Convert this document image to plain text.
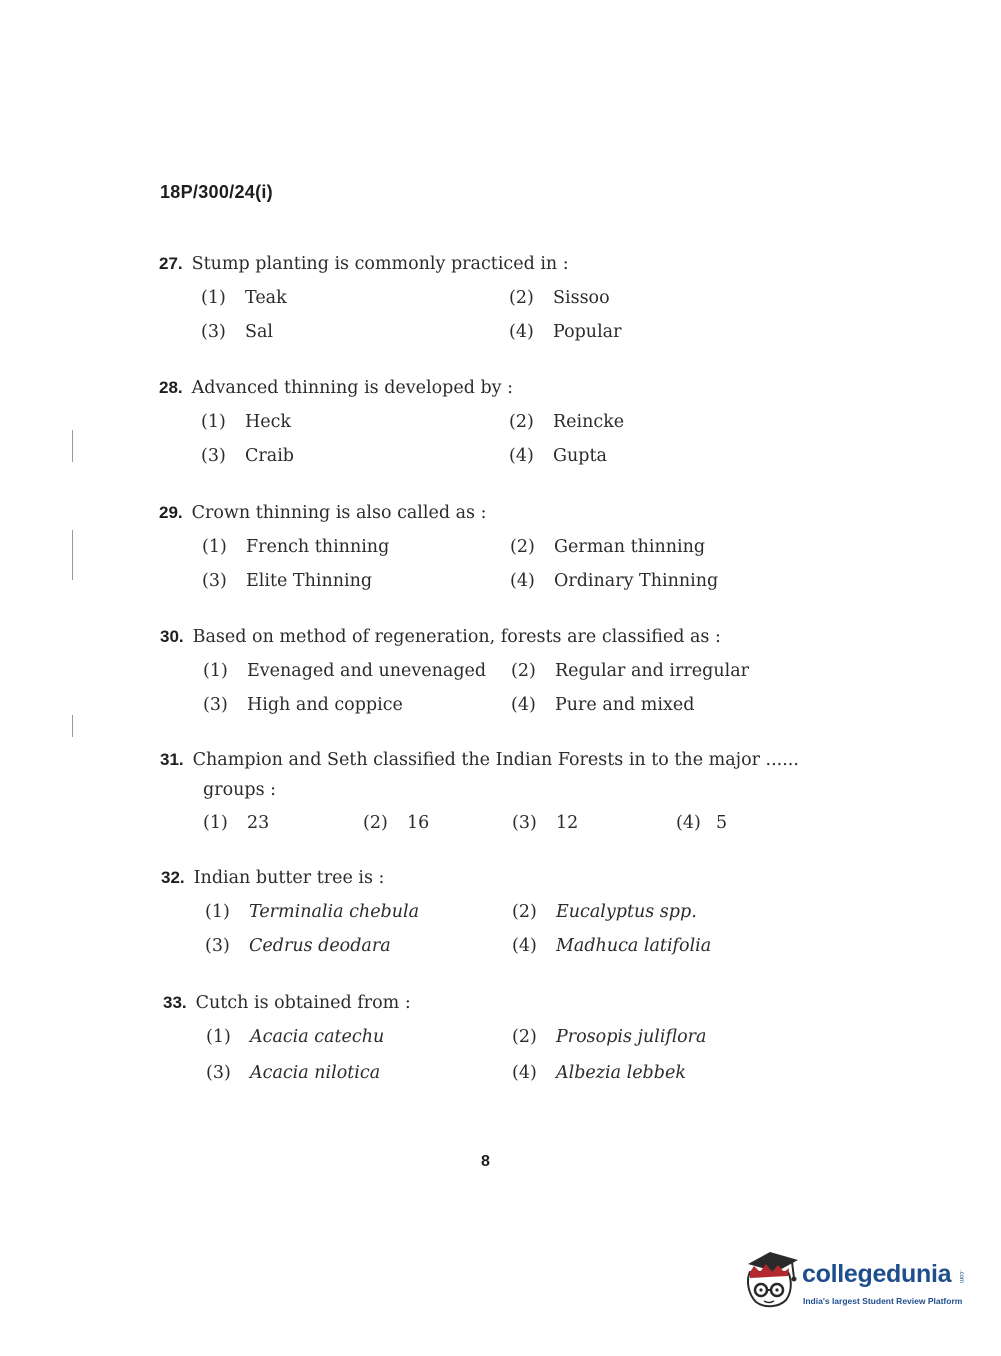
18P/300/24(i)
27. Stump planting is commonly practiced in :
(1) Teak	(2) Sissoo
(3) Sal	(4) Popular
28. Advanced thinning is developed by :
(1) Heck	(2) Reincke
(3) Craib	(4) Gupta
29. Crown thinning is also called as :
(1) French thinning	(2) German thinning
(3) Elite Thinning	(4) Ordinary Thinning
30. Based on method of regeneration, forests are classified as :
(1) Evenaged and unevenaged (2) Regular and irregular
(3) High and coppice	(4) Pure and mixed
31. Champion and Seth classified the Indian Forests in to the major ......
groups :
(1) 23	(2) 16	(3) 12	(4) 5
32. Indian butter tree is :
(1) Terminalia chebula	(2) Eucalyptus spp.
(3) Cedrus deodara	(4) Madhuca latifolia
33. Cutch is obtained from :
(1) Acacia catechu	(2) Prosopis juliflora
(3) Acacia nilotica	(4) Albezia lebbek
8
collegedunia .com
India's largest Student Review Platform
